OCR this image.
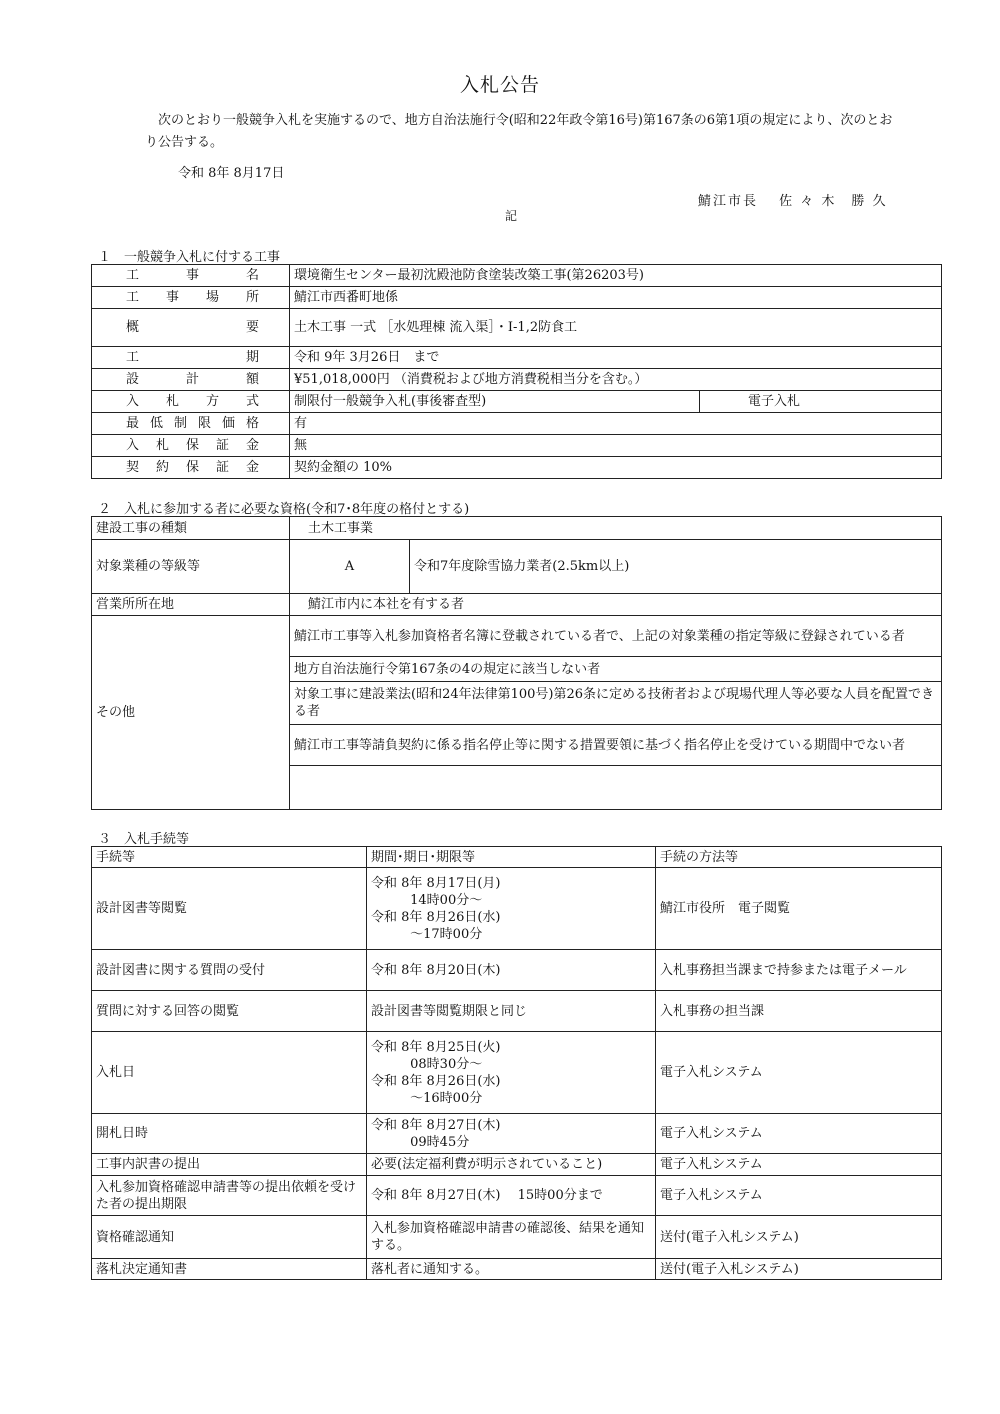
入札公告
次のとおり一般競争入札を実施するので、地方自治法施行令(昭和22年政令第16号)第167条の6第1項の規定により、次のとおり公告する。
令和 8年 8月17日
鯖江市長　 佐 々 木　勝 久
記
１　一般競争入札に付する工事
工事名	環境衛生センター最初沈殿池防食塗装改築工事(第26203号)	
工事場所	鯖江市西番町地係	
概要	土木工事 一式 ［水処理棟 流入渠］・Ⅰ-1,2防食工	
工期	令和 9年 3月26日　まで	
設計額	¥51,018,000円 （消費税および地方消費税相当分を含む。）	
入札方式	制限付一般競争入札(事後審査型)	電子入札
最低制限価格	有	
入札保証金	無	
契約保証金	契約金額の 10%	
２　入札に参加する者に必要な資格(令和7･8年度の格付とする)
建設工事の種類	土木工事業	
対象業種の等級等	A	令和7年度除雪協力業者(2.5km以上)
営業所所在地	鯖江市内に本社を有する者	
その他	鯖江市工事等入札参加資格者名簿に登載されている者で、上記の対象業種の指定等級に登録されている者	
	地方自治法施行令第167条の4の規定に該当しない者	
	対象工事に建設業法(昭和24年法律第100号)第26条に定める技術者および現場代理人等必要な人員を配置できる者	
	鯖江市工事等請負契約に係る指名停止等に関する措置要領に基づく指名停止を受けている期間中でない者	

３　入札手続等
手続等	期間･期日･期限等	手続の方法等
設計図書等閲覧	令和 8年 8月17日(月)
　 14時00分～
令和 8年 8月26日(水)
　 ～17時00分	鯖江市役所　電子閲覧
設計図書に関する質問の受付	令和 8年 8月20日(木)	入札事務担当課まで持参または電子メール
質問に対する回答の閲覧	設計図書等閲覧期限と同じ	入札事務の担当課
入札日	令和 8年 8月25日(火)
　 08時30分～
令和 8年 8月26日(水)
　 ～16時00分	電子入札システム
開札日時	令和 8年 8月27日(木)
　 09時45分	電子入札システム
工事内訳書の提出	必要(法定福利費が明示されていること)	電子入札システム
入札参加資格確認申請書等の提出依頼を受けた者の提出期限	令和 8年 8月27日(木)　 15時00分まで	電子入札システム
資格確認通知	入札参加資格確認申請書の確認後、結果を通知する。	送付(電子入札システム)
落札決定通知書	落札者に通知する。	送付(電子入札システム)
